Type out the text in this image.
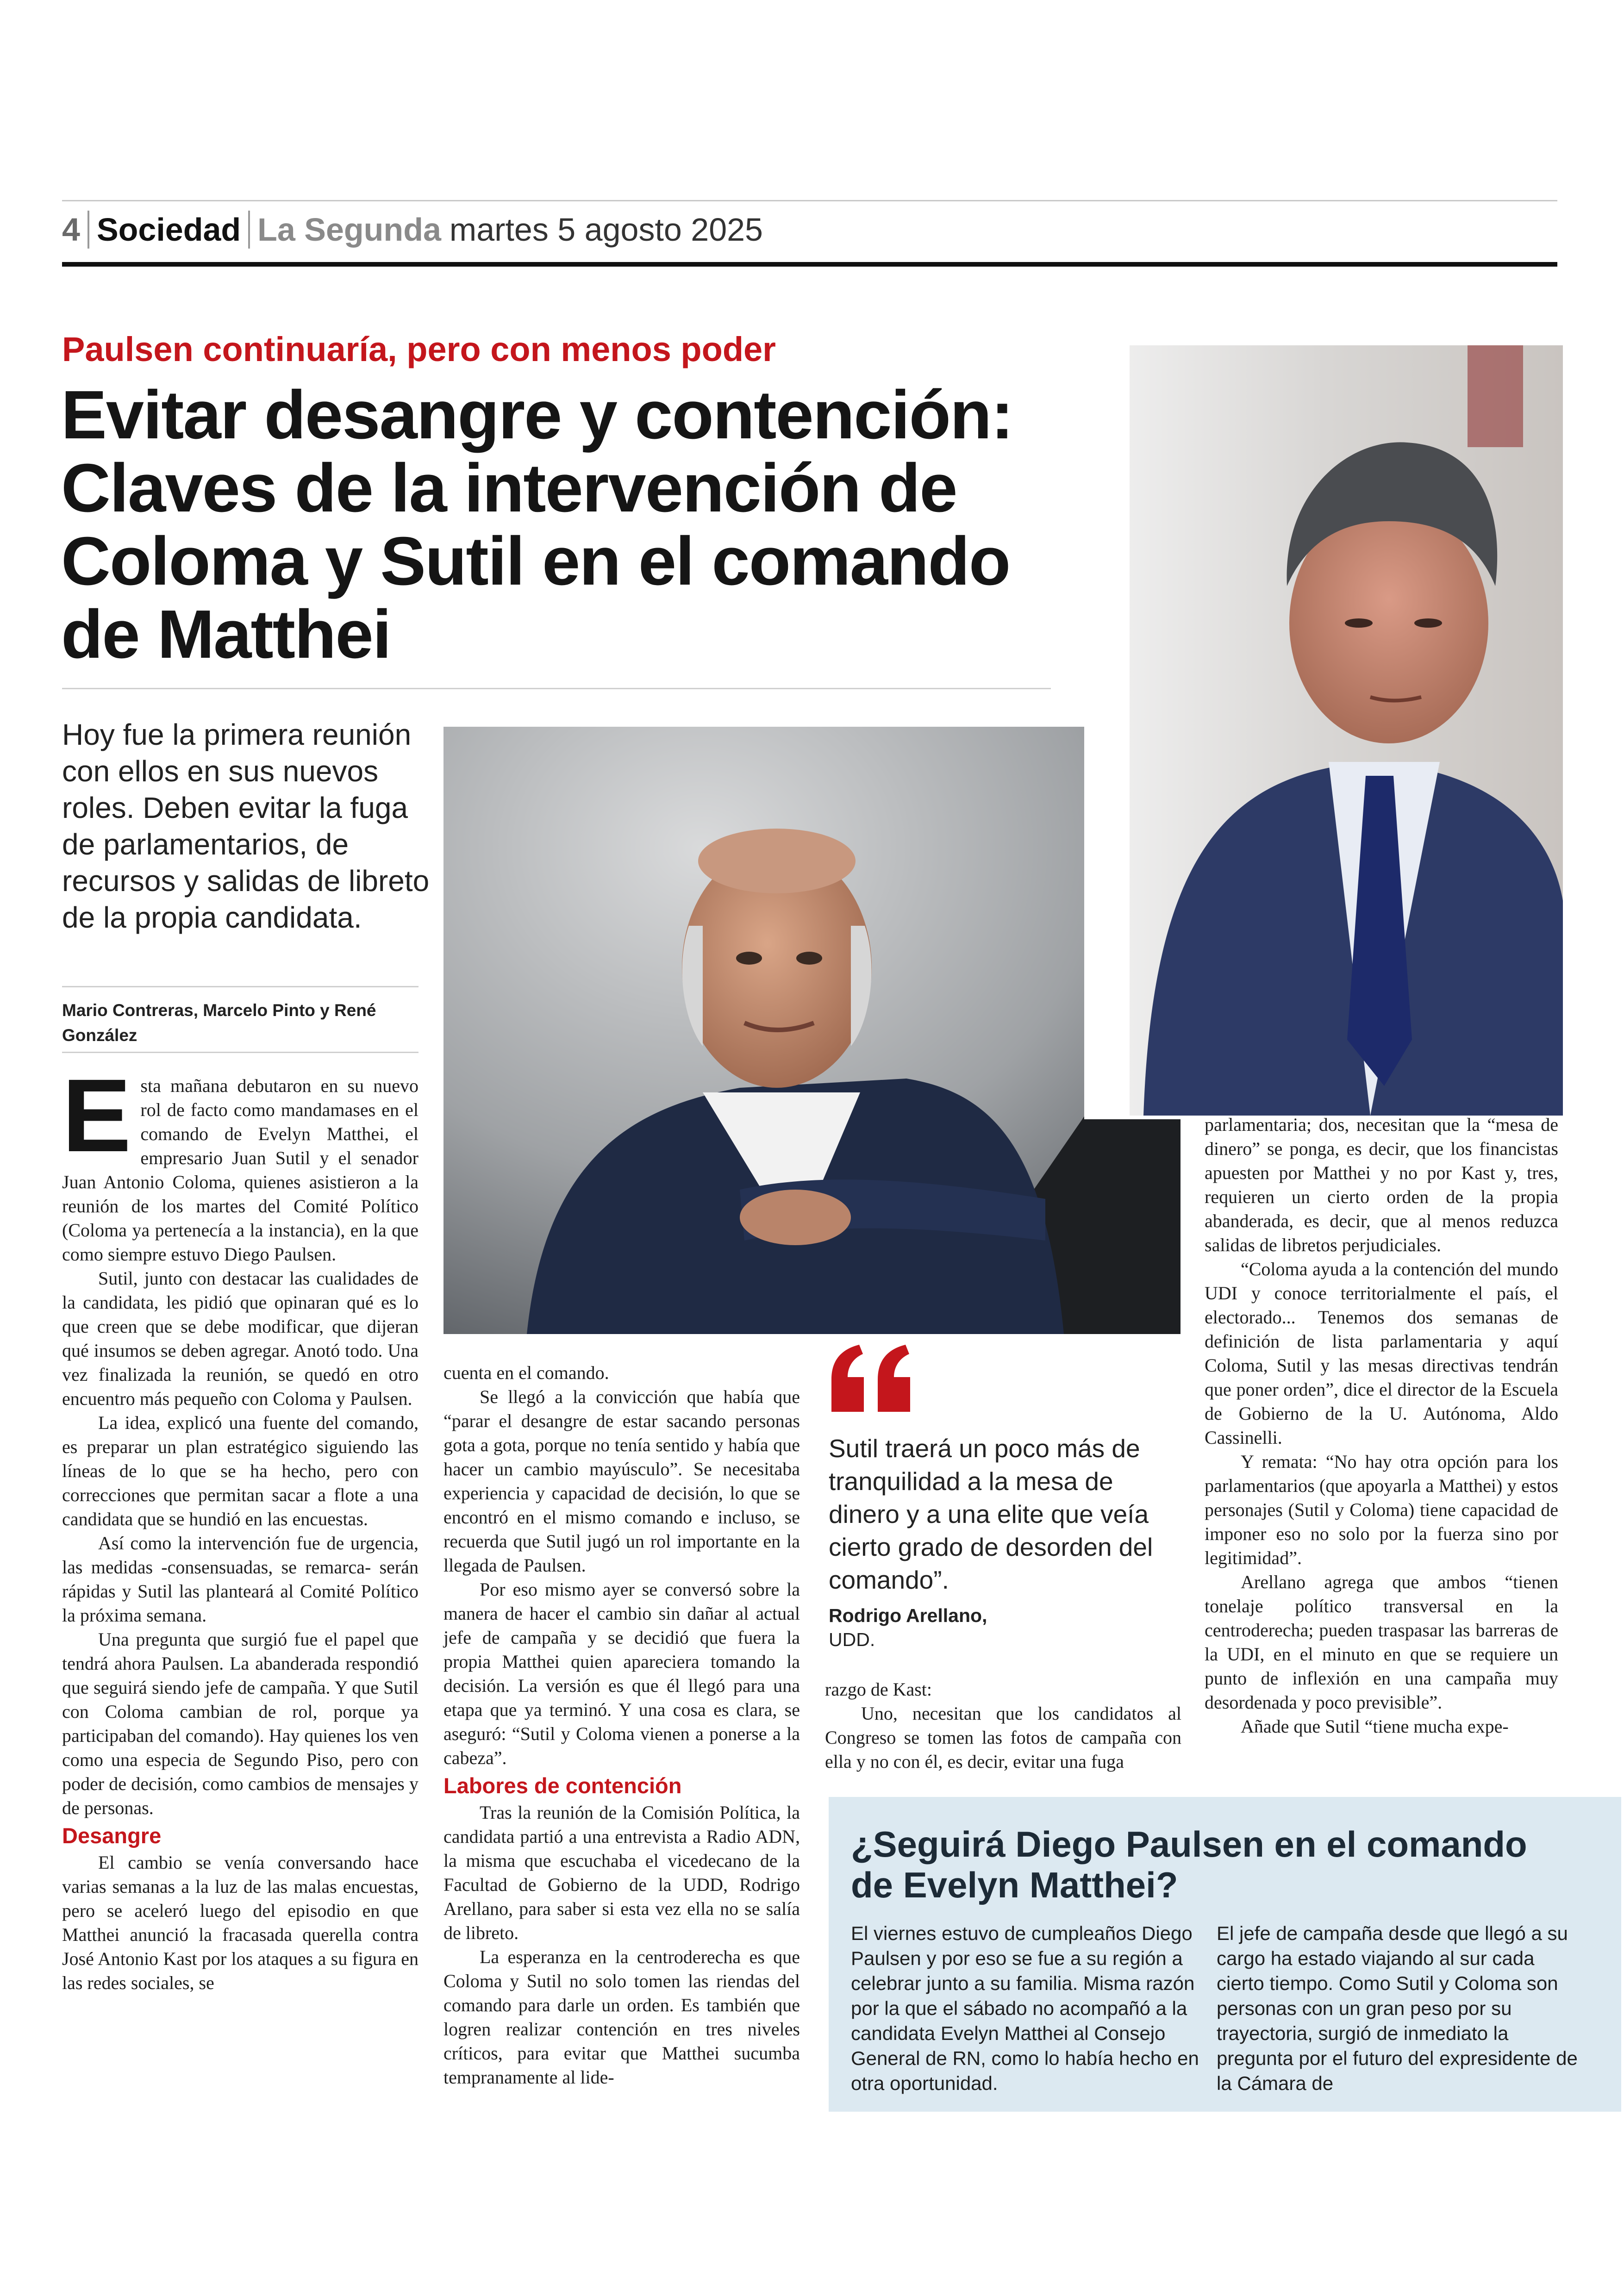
4 Sociedad La Segunda martes 5 agosto 2025
Paulsen continuaría, pero con menos poder
Evitar desangre y contención: Claves de la intervención de Coloma y Sutil en el comando de Matthei
Hoy fue la primera reunión con ellos en sus nuevos roles. Deben evitar la fuga de parlamentarios, de recursos y salidas de libreto de la propia candidata.
Mario Contreras, Marcelo Pinto y René González
E sta mañana debutaron en su nuevo rol de facto como mandamases en el comando de Evelyn Matthei, el empresario Juan Sutil y el senador Juan Antonio Coloma, quienes asistieron a la reunión de los martes del Comité Político (Coloma ya pertenecía a la instancia), en la que como siempre estuvo Diego Paulsen.

Sutil, junto con destacar las cualidades de la candidata, les pidió que opinaran qué es lo que creen que se debe modificar, que dijeran qué insumos se deben agregar. Anotó todo. Una vez finalizada la reunión, se quedó en otro encuentro más pequeño con Coloma y Paulsen.

La idea, explicó una fuente del comando, es preparar un plan estratégico siguiendo las líneas de lo que se ha hecho, pero con correcciones que permitan sacar a flote a una candidata que se hundió en las encuestas.

Así como la intervención fue de urgencia, las medidas -consensuadas, se remarca- serán rápidas y Sutil las planteará al Comité Político la próxima semana.

Una pregunta que surgió fue el papel que tendrá ahora Paulsen. La abanderada respondió que seguirá siendo jefe de campaña. Y que Sutil con Coloma cambian de rol, porque ya participaban del comando). Hay quienes los ven como una especia de Segundo Piso, pero con poder de decisión, como cambios de mensajes y de personas.

Desangre

El cambio se venía conversando hace varias semanas a la luz de las malas encuestas, pero se aceleró luego del episodio en que Matthei anunció la fracasada querella contra José Antonio Kast por los ataques a su figura en las redes sociales, se

cuenta en el comando.

Se llegó a la convicción que había que “parar el desangre de estar sacando personas gota a gota, porque no tenía sentido y había que hacer un cambio mayúsculo”. Se necesitaba experiencia y capacidad de decisión, lo que se encontró en el mismo comando e incluso, se recuerda que Sutil jugó un rol importante en la llegada de Paulsen.

Por eso mismo ayer se conversó sobre la manera de hacer el cambio sin dañar al actual jefe de campaña y se decidió que fuera la propia Matthei quien apareciera tomando la decisión. La versión es que él llegó para una etapa que ya terminó. Y una cosa es clara, se aseguró: “Sutil y Coloma vienen a ponerse a la cabeza”.

Labores de contención

Tras la reunión de la Comisión Política, la candidata partió a una entrevista a Radio ADN, la misma que escuchaba el vicedecano de la Facultad de Gobierno de la UDD, Rodrigo Arellano, para saber si esta vez ella no se salía de libreto.

La esperanza en la centroderecha es que Coloma y Sutil no solo tomen las riendas del comando para darle un orden. Es también que logren realizar contención en tres niveles críticos, para evitar que Matthei sucumba tempranamente al lide-

Sutil traerá un poco más de tranquilidad a la mesa de dinero y a una elite que veía cierto grado de desorden del comando”.
Rodrigo Arellano,
UDD.

razgo de Kast:

Uno, necesitan que los candidatos al Congreso se tomen las fotos de campaña con ella y no con él, es decir, evitar una fuga

parlamentaria; dos, necesitan que la “mesa de dinero” se ponga, es decir, que los financistas apuesten por Matthei y no por Kast y, tres, requieren un cierto orden de la propia abanderada, es decir, que al menos reduzca salidas de libretos perjudiciales.

“Coloma ayuda a la contención del mundo UDI y conoce territorialmente el país, el electorado... Tenemos dos semanas de definición de lista parlamentaria y aquí Coloma, Sutil y las mesas directivas tendrán que poner orden”, dice el director de la Escuela de Gobierno de la U. Autónoma, Aldo Cassinelli.

Y remata: “No hay otra opción para los parlamentarios (que apoyarla a Matthei) y estos personajes (Sutil y Coloma) tiene capacidad de imponer eso no solo por la fuerza sino por legitimidad”.

Arellano agrega que ambos “tienen tonelaje político transversal en la centroderecha; pueden traspasar las barreras de la UDI, en el minuto en que se requiere un punto de inflexión en una campaña muy desordenada y poco previsible”.

Añade que Sutil “tiene mucha expe-

¿Seguirá Diego Paulsen en el comando de Evelyn Matthei?
El viernes estuvo de cumpleaños Diego Paulsen y por eso se fue a su región a celebrar junto a su familia. Misma razón por la que el sábado no acompañó a la candidata Evelyn Matthei al Consejo General de RN, como lo había hecho en otra oportunidad.
El jefe de campaña desde que llegó a su cargo ha estado viajando al sur cada cierto tiempo. Como Sutil y Coloma son personas con un gran peso por su trayectoria, surgió de inmediato la pregunta por el futuro del expresidente de la Cámara de
